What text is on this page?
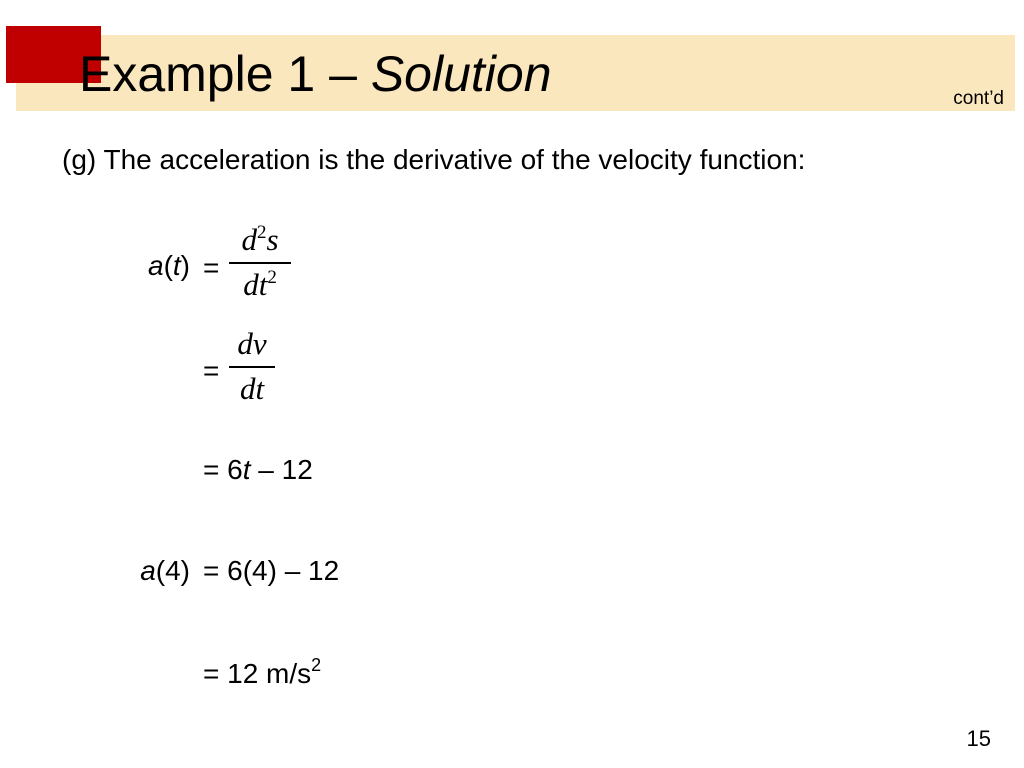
Example 1 – Solution	cont’d
(g) The acceleration is the derivative of the velocity function:
a(t) =
$d^2s$
$dt^2$
=
dv
dt
= 6t – 12
a(4) = 6(4) – 12
= 12 $m/s^2$
15
